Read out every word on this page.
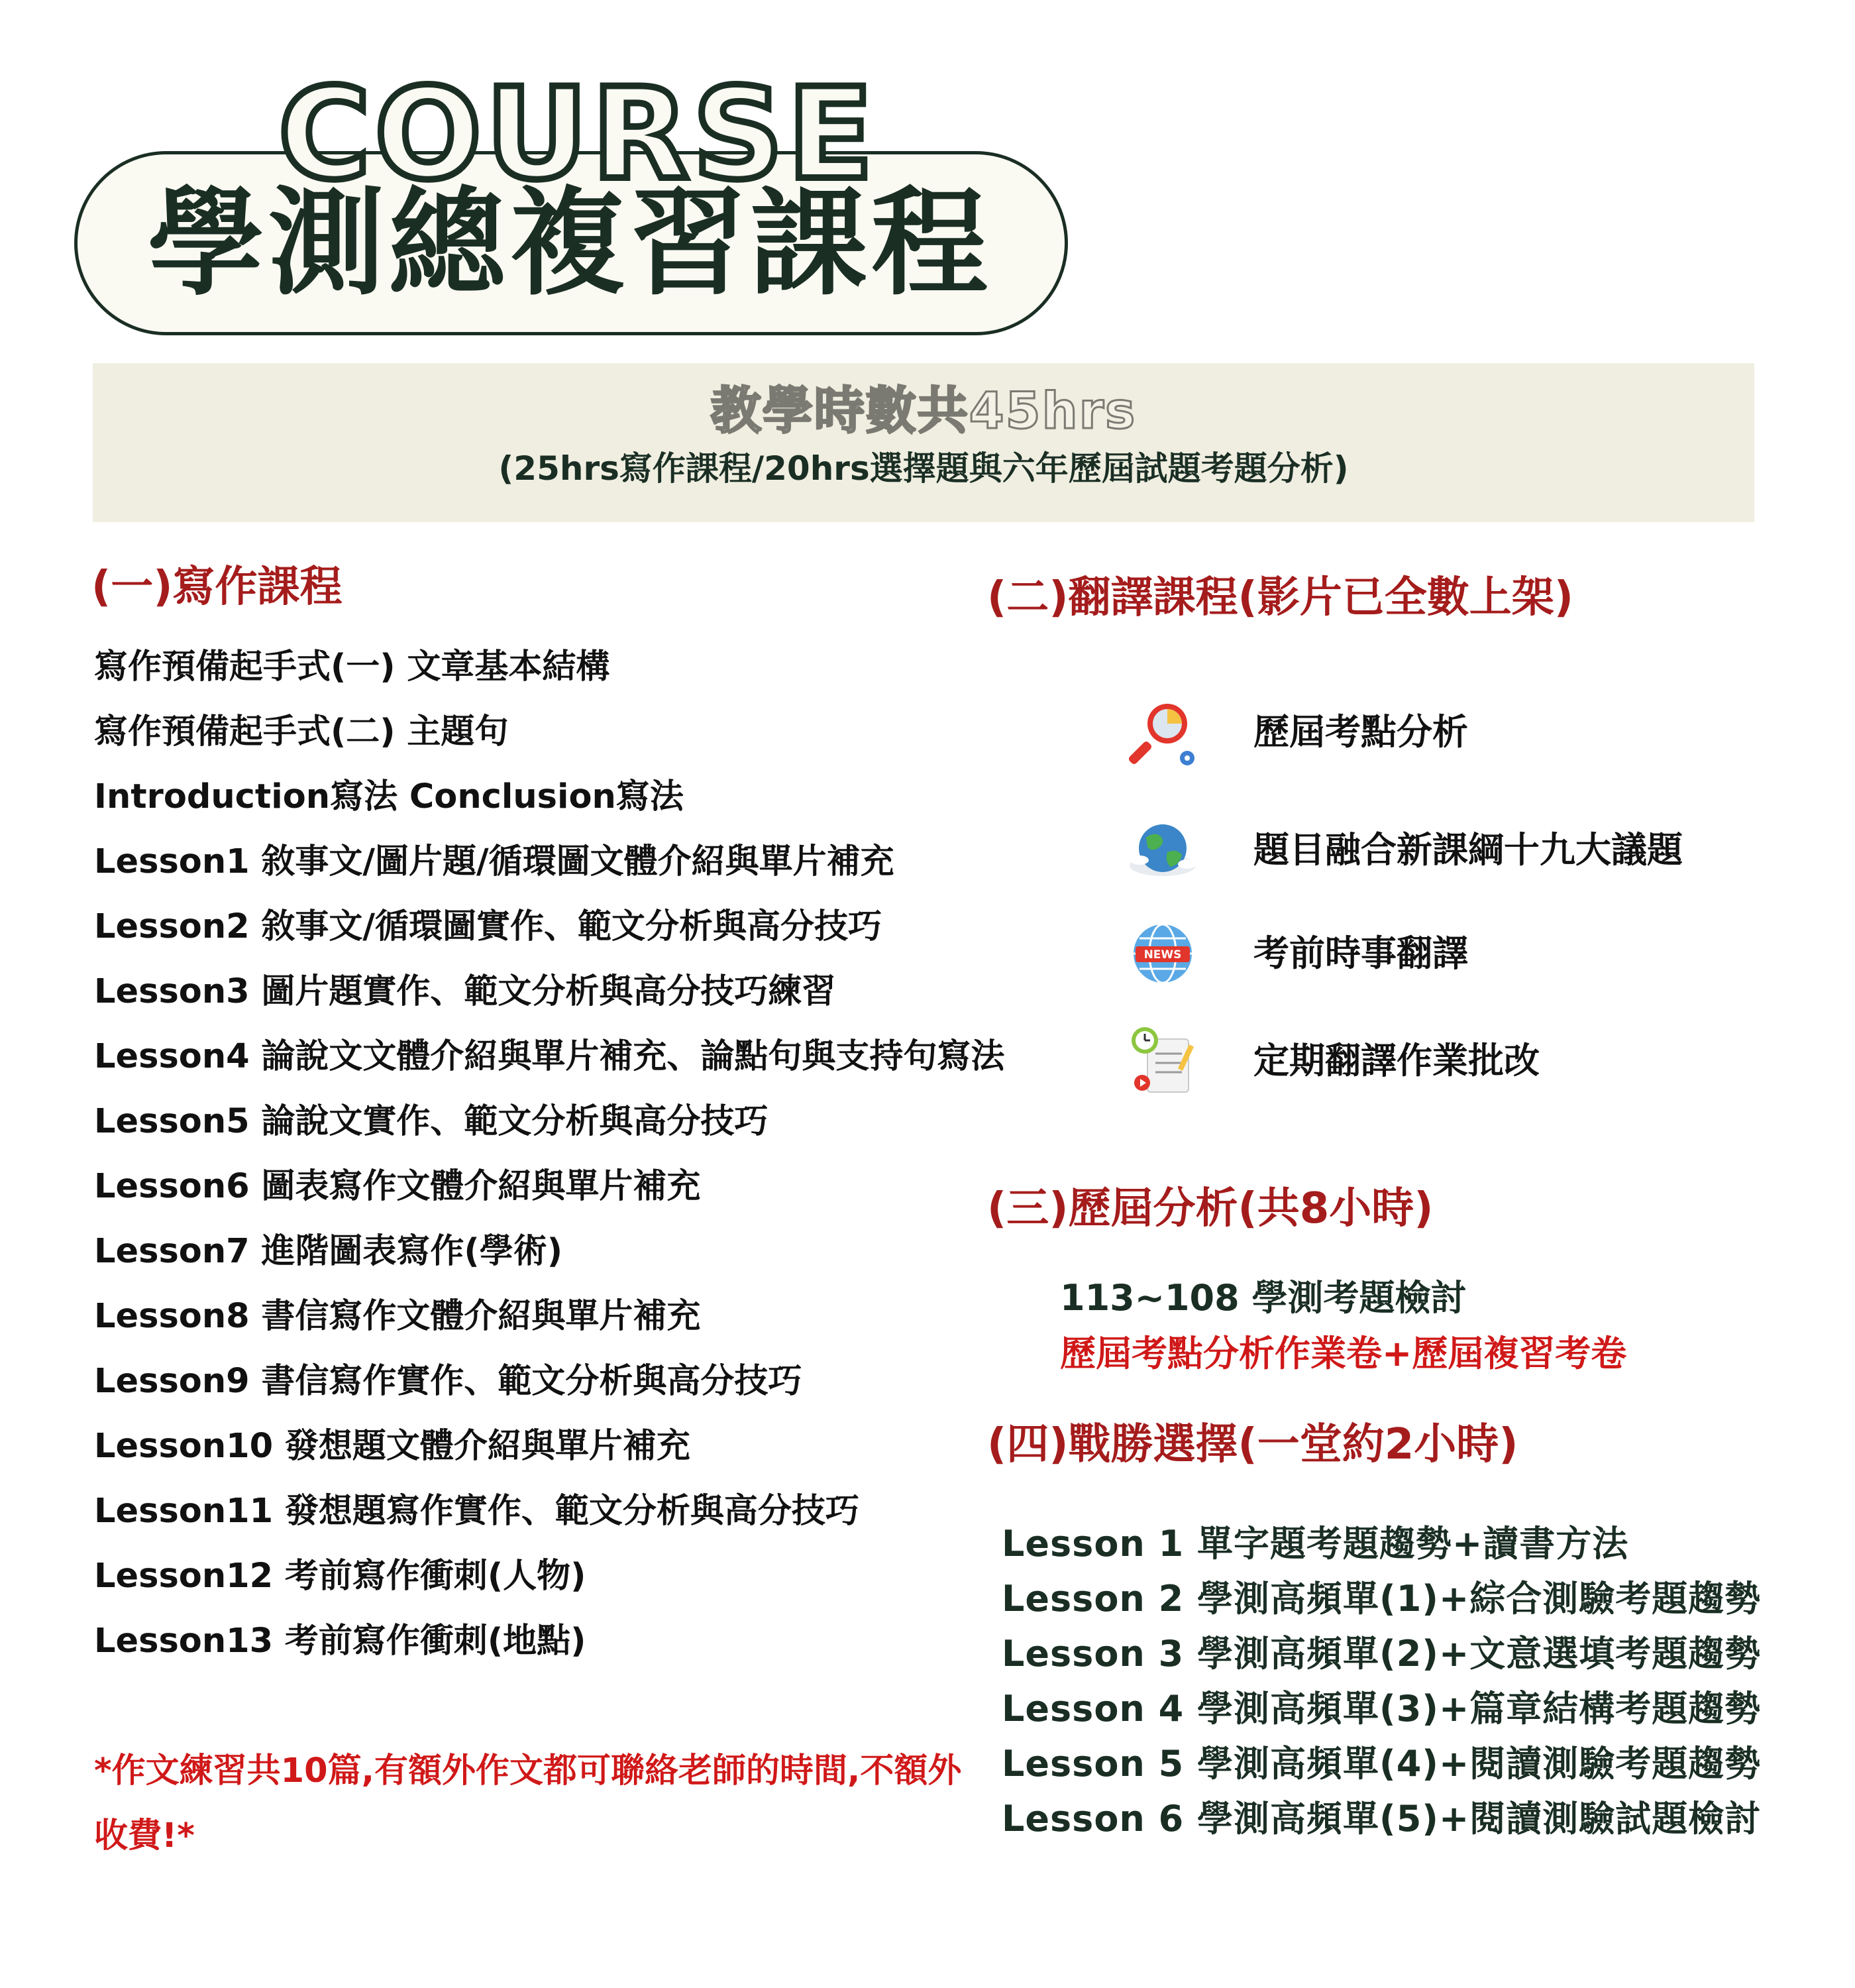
學測總複習課程
COURSE
教學時數共45hrs
(25hrs寫作課程/20hrs選擇題與六年歷屆試題考題分析)
(一)寫作課程
寫作預備起手式(一) 文章基本結構
寫作預備起手式(二) 主題句
Introduction寫法 Conclusion寫法
Lesson1 敘事文/圖片題/循環圖文體介紹與單片補充
Lesson2 敘事文/循環圖實作、範文分析與高分技巧
Lesson3 圖片題實作、範文分析與高分技巧練習
Lesson4 論說文文體介紹與單片補充、論點句與支持句寫法
Lesson5 論說文實作、範文分析與高分技巧
Lesson6 圖表寫作文體介紹與單片補充
Lesson7 進階圖表寫作(學術)
Lesson8 書信寫作文體介紹與單片補充
Lesson9 書信寫作實作、範文分析與高分技巧
Lesson10 發想題文體介紹與單片補充
Lesson11 發想題寫作實作、範文分析與高分技巧
Lesson12 考前寫作衝刺(人物)
Lesson13 考前寫作衝刺(地點)
*作文練習共10篇,有額外作文都可聯絡老師的時間,不額外收費!*
(二)翻譯課程(影片已全數上架)
歷屆考點分析
題目融合新課綱十九大議題
NEWS 考前時事翻譯
定期翻譯作業批改
(三)歷屆分析(共8小時)
113~108 學測考題檢討
歷屆考點分析作業卷+歷屆複習考卷
(四)戰勝選擇(一堂約2小時)
Lesson 1 單字題考題趨勢+讀書方法
Lesson 2 學測高頻單(1)+綜合測驗考題趨勢
Lesson 3 學測高頻單(2)+文意選填考題趨勢
Lesson 4 學測高頻單(3)+篇章結構考題趨勢
Lesson 5 學測高頻單(4)+閱讀測驗考題趨勢
Lesson 6 學測高頻單(5)+閱讀測驗試題檢討
